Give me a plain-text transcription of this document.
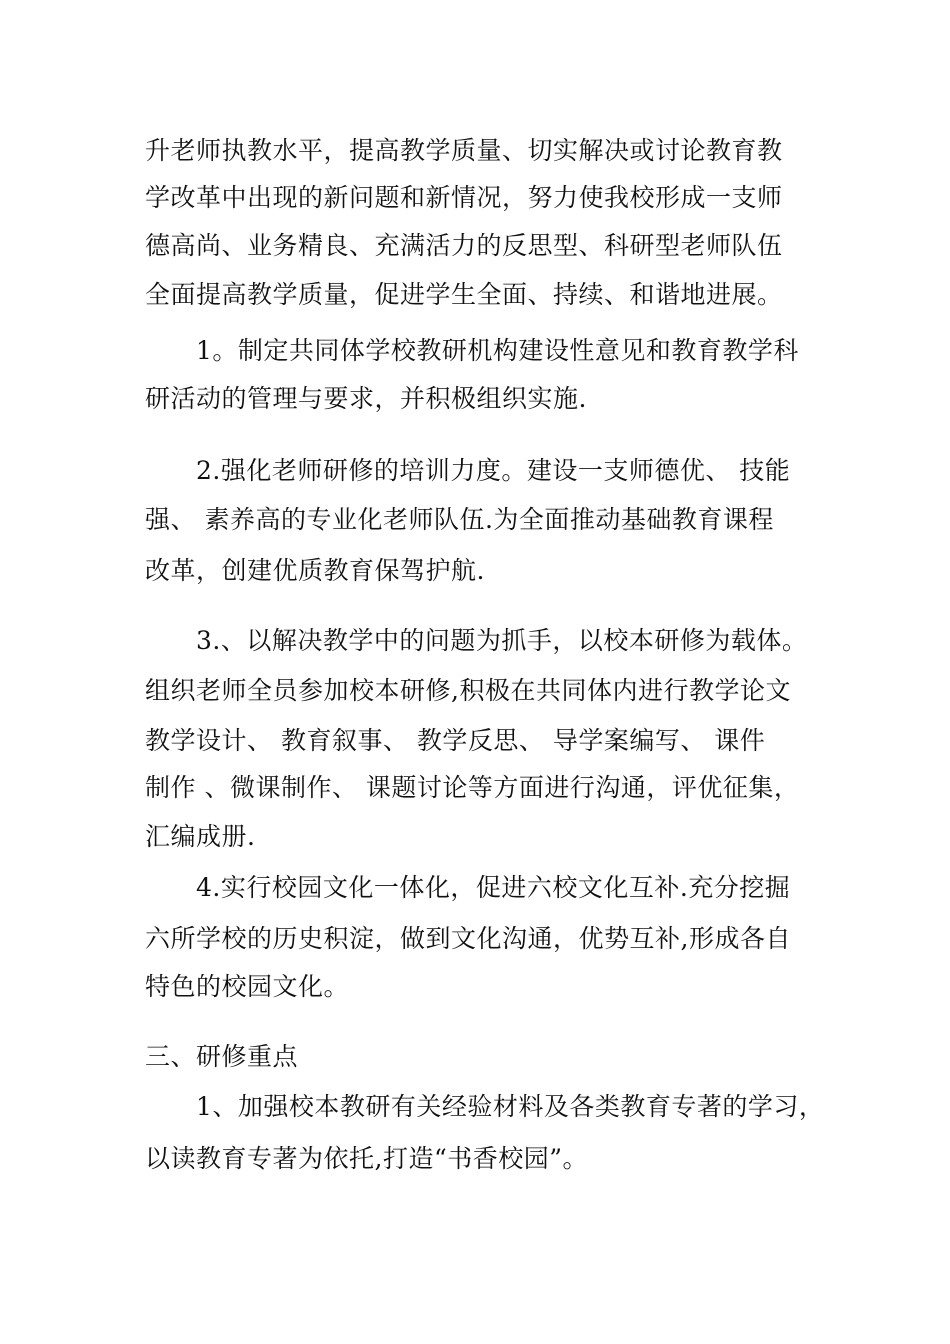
升老师执教水平，提高教学质量、切实解决或讨论教育教
学改革中出现的新问题和新情况，努力使我校形成一支师
德高尚、业务精良、充满活力的反思型、科研型老师队伍
全面提高教学质量，促进学生全面、持续、和谐地进展。
1。制定共同体学校教研机构建设性意见和教育教学科
研活动的管理与要求，并积极组织实施.
2.强化老师研修的培训力度。建设一支师德优、 技能
强、 素养高的专业化老师队伍.为全面推动基础教育课程
改革，创建优质教育保驾护航.
3.、以解决教学中的问题为抓手，以校本研修为载体。
组织老师全员参加校本研修,积极在共同体内进行教学论文
教学设计、 教育叙事、 教学反思、 导学案编写、 课件
制作 、微课制作、 课题讨论等方面进行沟通，评优征集，
汇编成册.
4.实行校园文化一体化，促进六校文化互补.充分挖掘
六所学校的历史积淀，做到文化沟通，优势互补,形成各自
特色的校园文化。
三、研修重点
1、加强校本教研有关经验材料及各类教育专著的学习，
以读教育专著为依托,打造“书香校园”。
